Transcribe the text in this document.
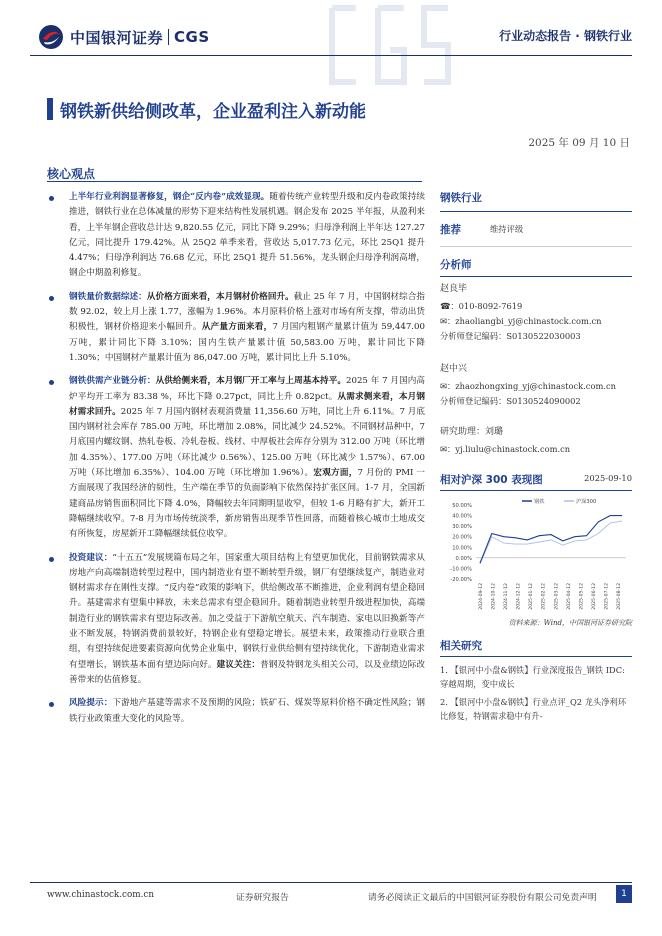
中国银河证券 CGS	行业动态报告 · 钢铁行业
钢铁新供给侧改革，企业盈利注入新动能
2025 年 09 月 10 日
核心观点
上半年行业利润显著修复，钢企“反内卷”成效显现。随着传统产业转型升级和反内卷政策持续推进，钢铁行业在总体减量的形势下迎来结构性发展机遇。钢企发布 2025 半年报，从盈利来看，上半年钢企营收总计达 9,820.55 亿元，同比下降 9.29%；归母净利润上半年达 127.27 亿元，同比提升 179.42%。从 25Q2 单季来看，营收达 5,017.73 亿元，环比 25Q1 提升 4.47%；归母净利润达 76.68 亿元，环比 25Q1 提升 51.56%，龙头钢企归母净利润高增，钢企中期盈利修复。
钢铁量价数据综述：从价格方面来看，本月钢材价格回升。截止 25 年 7 月，中国钢材综合指数 92.02，较上月上涨 1.77，涨幅为 1.96%。本月原料价格上涨对市场有所支撑，带动出货积极性，钢材价格迎来小幅回升。从产量方面来看，7 月国内粗钢产量累计值为 59,447.00 万吨，累计同比下降 3.10%；国内生铁产量累计值 50,583.00 万吨，累计同比下降 1.30%；中国钢材产量累计值为 86,047.00 万吨，累计同比上升 5.10%。
钢铁供需产业链分析：从供给侧来看，本月钢厂开工率与上周基本持平。2025 年 7 月国内高炉平均开工率为 83.38 %，环比下降 0.27pct，同比上升 0.82pct。从需求侧来看，本月钢材需求回升。2025 年 7 月国内钢材表观消费量 11,356.60 万吨，同比上升 6.11%。7 月底国内钢材社会库存 785.00 万吨，环比增加 2.08%，同比减少 24.52%。不同钢材品种中，7 月底国内螺纹钢、热轧卷板、冷轧卷板、线材、中厚板社会库存分别为 312.00 万吨（环比增加 4.35%）、177.00 万吨（环比减少 0.56%）、125.00 万吨（环比减少 1.57%）、67.00 万吨（环比增加 6.35%）、104.00 万吨（环比增加 1.96%）。宏观方面，7 月份的 PMI 一方面展现了我国经济的韧性，生产端在季节的负面影响下依然保持扩张区间。1-7 月，全国新建商品房销售面积同比下降 4.0%，降幅较去年同期明显收窄，但较 1-6 月略有扩大，新开工降幅继续收窄。7-8 月为市场传统淡季，新房销售出现季节性回落，而随着核心城市土地成交有所恢复，房屋新开工降幅继续低位收窄。
投资建议：“十五五”发展规篇布局之年，国家重大项目结构上有望更加优化，目前钢铁需求从房地产向高端制造转型过程中，国内制造业有望不断转型升级，钢厂有望继续复产，制造业对钢材需求存在刚性支撑。“反内卷”政策的影响下，供给侧改革不断推进，企业利润有望企稳回升。基建需求有望集中释放，未来总需求有望企稳回升。随着制造业转型升级进程加快，高端制造行业的钢铁需求有望边际改善。加之受益于下游航空航天、汽车制造、家电以旧换新等产业不断发展，特钢消费前景较好，特钢企业有望稳定增长。展望未来，政策推动行业联合重组，有望持续促进要素资源向优势企业集中，钢铁行业供给侧有望持续优化，下游制造业需求有望增长，钢铁基本面有望边际向好。建议关注：普钢及特钢龙头相关公司，以及业绩边际改善带来的估值修复。
风险提示：下游地产基建等需求不及预期的风险；铁矿石、煤炭等原料价格不确定性风险；钢铁行业政策重大变化的风险等。
钢铁行业
推荐	维持评级
分析师
赵良毕
☎：010-8092-7619
✉：zhaoliangbi_yj@chinastock.com.cn
分析师登记编码：S0130522030003
赵中兴
✉：zhaozhongxing_yj@chinastock.com.cn
分析师登记编码：S0130524090002
研究助理：刘璐
✉：yj.liulu@chinastock.com.cn
相对沪深 300 表现图	2025-09-10
50.00%
40.00%
30.00%
20.00%
10.00%
0.00%
-10.00%
-20.00%
2024-09-12 2024-10-12 2024-11-12 2024-12-12 2025-01-12 2025-02-12 2025-03-12 2025-04-12 2025-05-12 2025-06-12 2025-07-12 2025-08-12
钢铁	沪深300
资料来源：Wind，中国银河证券研究院
相关研究
1. 【银河中小盘&钢铁】行业深度报告_钢铁 IDC: 穿越周期，变中成长
2. 【银河中小盘&钢铁】行业点评_Q2 龙头净利环比修复，特钢需求稳中有升-
www.chinastock.com.cn	证券研究报告	请务必阅读正文最后的中国银河证券股份有限公司免责声明	1
